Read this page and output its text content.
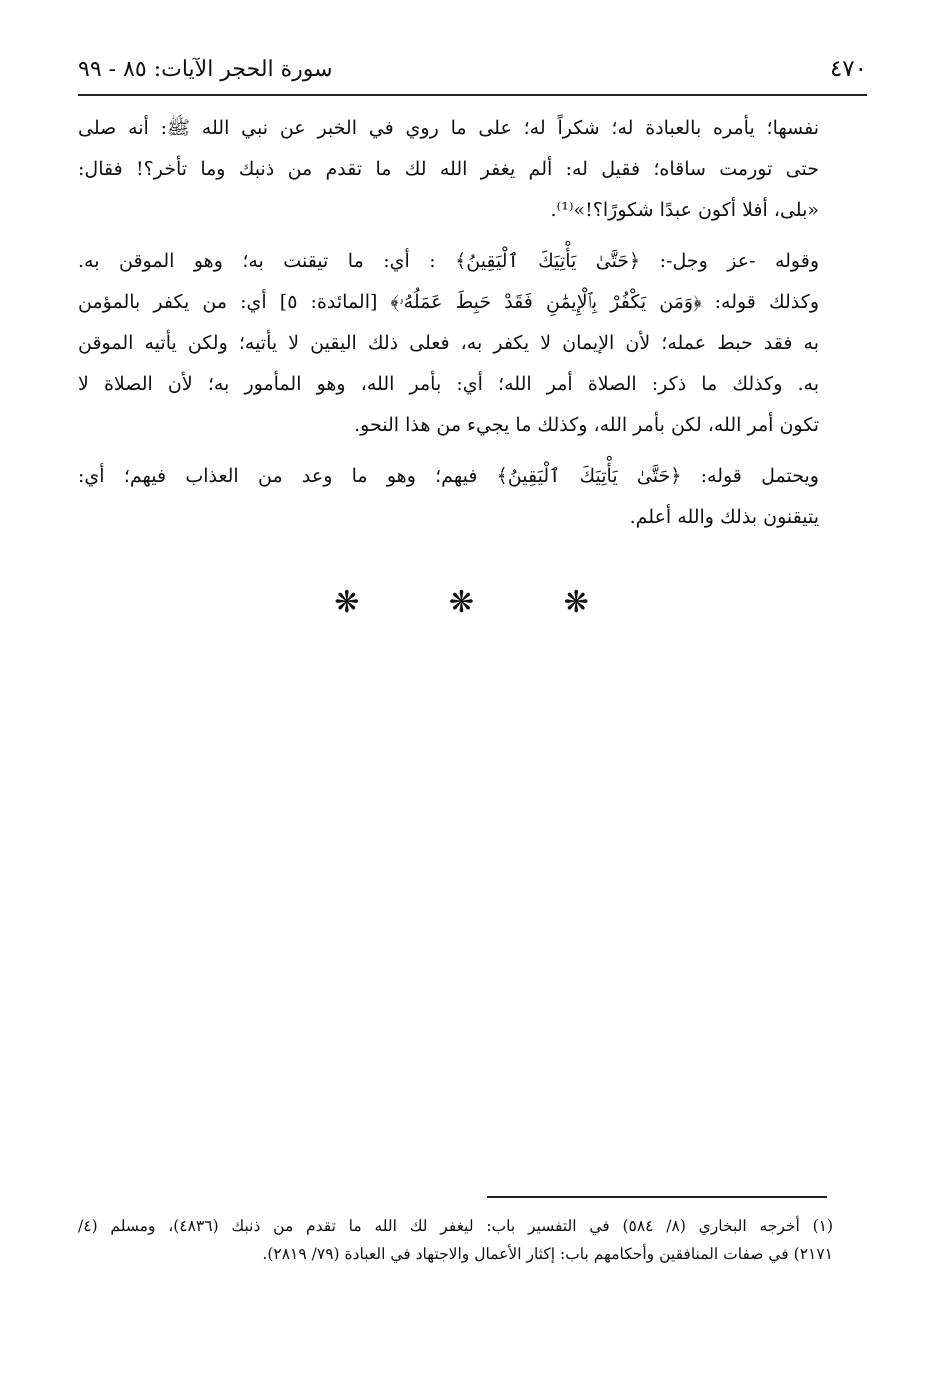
٤٧٠
سورة الحجر الآيات: ٨٥ - ٩٩

نفسها؛ يأمره بالعبادة له؛ شكراً له؛ على ما روي في الخبر عن نبي الله ﷺ: أنه صلى
حتى تورمت ساقاه؛ فقيل له: ألم يغفر الله لك ما تقدم من ذنبك وما تأخر؟! فقال:
«بلى، أفلا أكون عبدًا شكورًا؟!»⁽¹⁾.

وقوله -عز وجل-: ﴿حَتَّىٰ يَأْتِيَكَ ٱلْيَقِينُ﴾ : أي: ما تيقنت به؛ وهو الموقن به.
وكذلك قوله: ﴿وَمَن يَكْفُرْ بِٱلْإِيمَٰنِ فَقَدْ حَبِطَ عَمَلُهُۥ﴾ [المائدة: ٥] أي: من يكفر بالمؤمن
به فقد حبط عمله؛ لأن الإيمان لا يكفر به، فعلى ذلك اليقين لا يأتيه؛ ولكن يأتيه الموقن
به. وكذلك ما ذكر: الصلاة أمر الله؛ أي: بأمر الله، وهو المأمور به؛ لأن الصلاة لا
تكون أمر الله، لكن بأمر الله، وكذلك ما يجيء من هذا النحو.

ويحتمل قوله: ﴿حَتَّىٰ يَأْتِيَكَ ٱلْيَقِينُ﴾ فيهم؛ وهو ما وعد من العذاب فيهم؛ أي:
يتيقنون بذلك والله أعلم.

❋ ❋ ❋
(١) أخرجه البخاري (٨/ ٥٨٤) في التفسير باب: ليغفر لك الله ما تقدم من ذنبك (٤٨٣٦)، ومسلم (٤/
٢١٧١) في صفات المنافقين وأحكامهم باب: إكثار الأعمال والاجتهاد في العبادة (٧٩/ ٢٨١٩).
